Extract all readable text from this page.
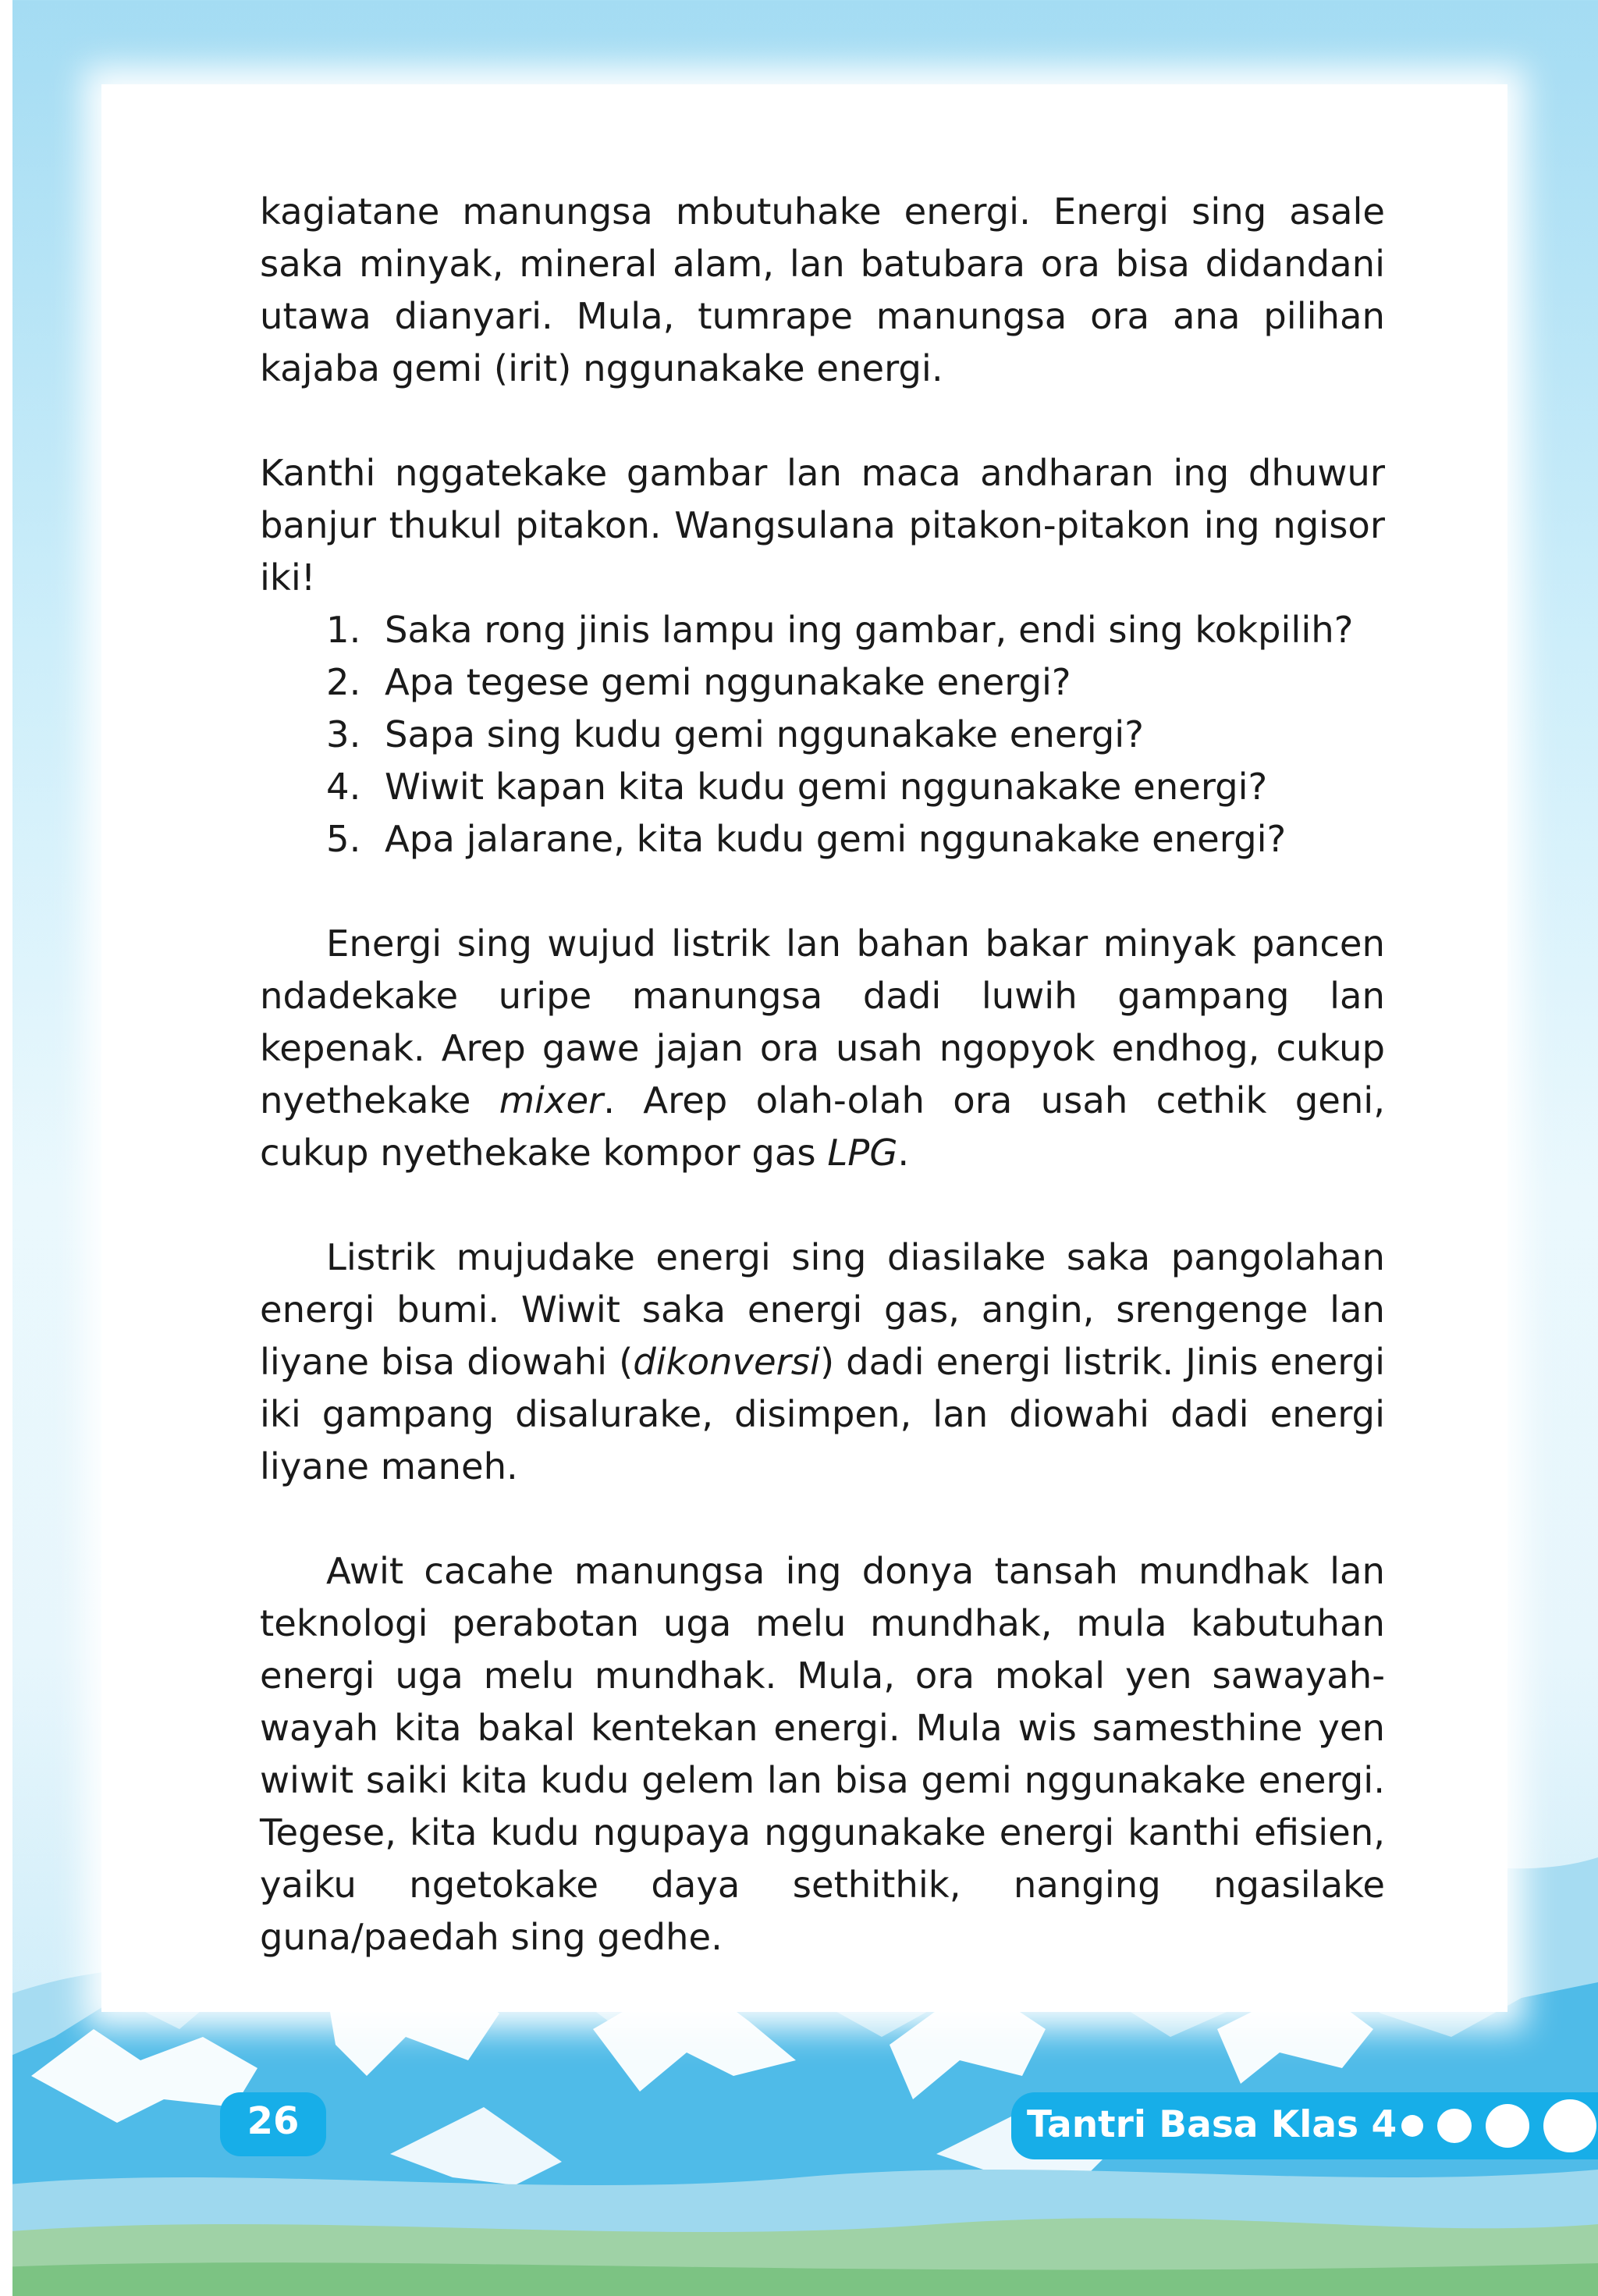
kagiatane manungsa mbutuhake energi. Energi sing asale saka minyak, mineral alam, lan batubara ora bisa didandani utawa dianyari. Mula, tumrape manungsa ora ana pilihan kajaba gemi (irit) nggunakake energi.

Kanthi nggatekake gambar lan maca andharan ing dhuwur banjur thukul pitakon. Wangsulana pitakon-pitakon ing ngisor iki!

1. Saka rong jinis lampu ing gambar, endi sing kokpilih?
2. Apa tegese gemi nggunakake energi?
3. Sapa sing kudu gemi nggunakake energi?
4. Wiwit kapan kita kudu gemi nggunakake energi?
5. Apa jalarane, kita kudu gemi nggunakake energi?

Energi sing wujud listrik lan bahan bakar minyak pancen ndadekake uripe manungsa dadi luwih gampang lan kepenak. Arep gawe jajan ora usah ngopyok endhog, cukup nyethekake mixer. Arep olah-olah ora usah cethik geni, cukup nyethekake kompor gas LPG.

Listrik mujudake energi sing diasilake saka pangolahan energi bumi. Wiwit saka energi gas, angin, srengenge lan liyane bisa diowahi (dikonversi) dadi energi listrik. Jinis energi iki gampang disalurake, disimpen, lan diowahi dadi energi liyane maneh.

Awit cacahe manungsa ing donya tansah mundhak lan teknologi perabotan uga melu mundhak, mula kabutuhan energi uga melu mundhak. Mula, ora mokal yen sawayah-wayah kita bakal kentekan energi. Mula wis samesthine yen wiwit saiki kita kudu gelem lan bisa gemi nggunakake energi. Tegese, kita kudu ngupaya nggunakake energi kanthi efisien, yaiku ngetokake daya sethithik, nanging ngasilake guna/paedah sing gedhe.

26	Tantri Basa Klas 4
